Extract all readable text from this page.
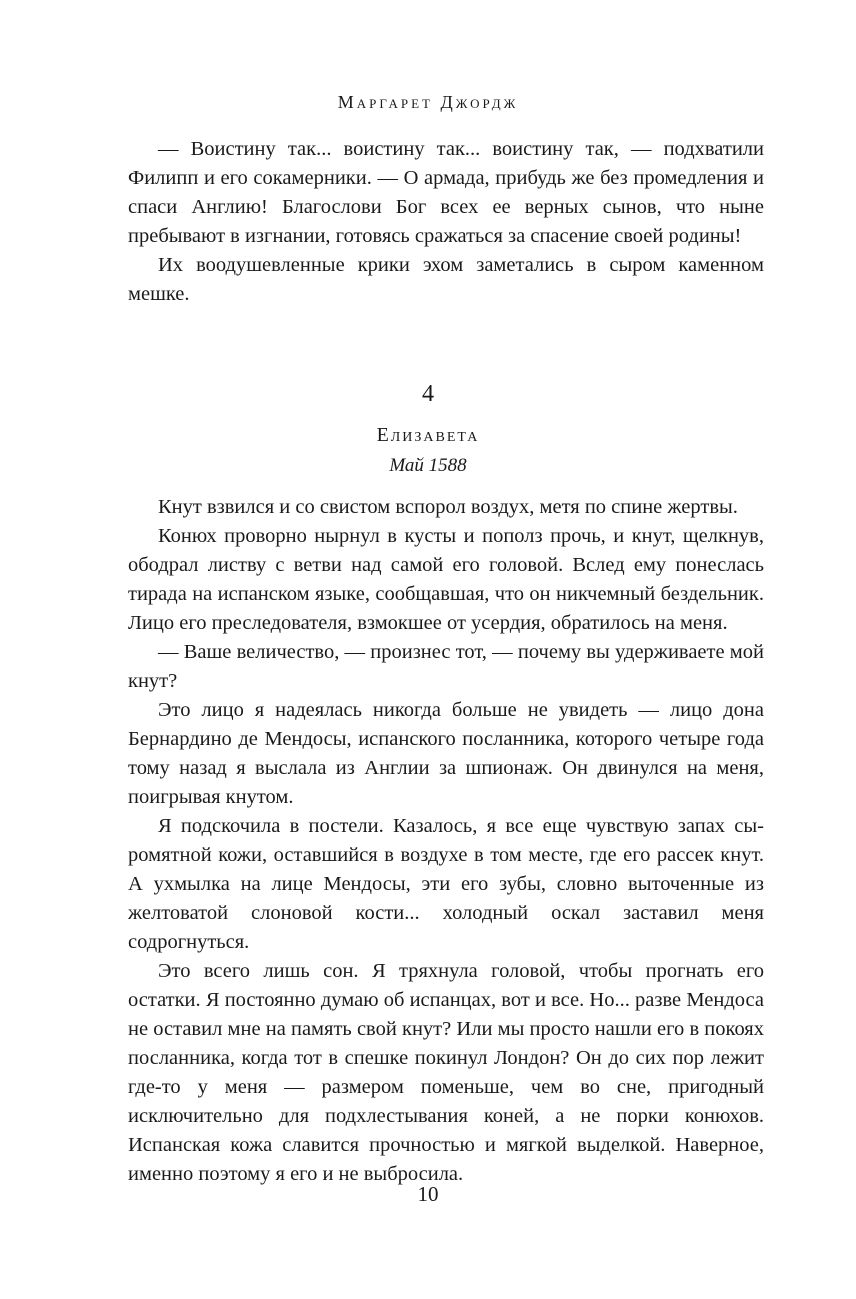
Маргарет Джордж

— Воистину так... воистину так... воистину так, — подхватили Филипп и его сокамерники. — О армада, прибудь же без промедления и спаси Англию! Благослови Бог всех ее верных сынов, что ныне пребывают в изгнании, готовясь сражаться за спасение своей родины!

Их воодушевленные крики эхом заметались в сыром каменном мешке.

4
Елизавета
Май 1588

Кнут взвился и со свистом вспорол воздух, метя по спине жертвы.

Конюх проворно нырнул в кусты и пополз прочь, и кнут, щелкнув, ободрал листву с ветви над самой его головой. Вслед ему понеслась тирада на испанском языке, сообщавшая, что он никчемный бездельник. Лицо его преследователя, взмокшее от усердия, обратилось на меня.

— Ваше величество, — произнес тот, — почему вы удерживаете мой кнут?

Это лицо я надеялась никогда больше не увидеть — лицо дона Бернардино де Мендосы, испанского посланника, которого четыре года тому назад я выслала из Англии за шпионаж. Он двинулся на меня, поигрывая кнутом.

Я подскочила в постели. Казалось, я все еще чувствую запах сыромятной кожи, оставшийся в воздухе в том месте, где его рассек кнут. А ухмылка на лице Мендосы, эти его зубы, словно выточенные из желтоватой слоновой кости... холодный оскал заставил меня содрогнуться.

Это всего лишь сон. Я тряхнула головой, чтобы прогнать его остатки. Я постоянно думаю об испанцах, вот и все. Но... разве Мендоса не оставил мне на память свой кнут? Или мы просто нашли его в покоях посланника, когда тот в спешке покинул Лондон? Он до сих пор лежит где-то у меня — размером поменьше, чем во сне, пригодный исключительно для подхлестывания коней, а не порки конюхов. Испанская кожа славится прочностью и мягкой выделкой. Наверное, именно поэтому я его и не выбросила.

10
